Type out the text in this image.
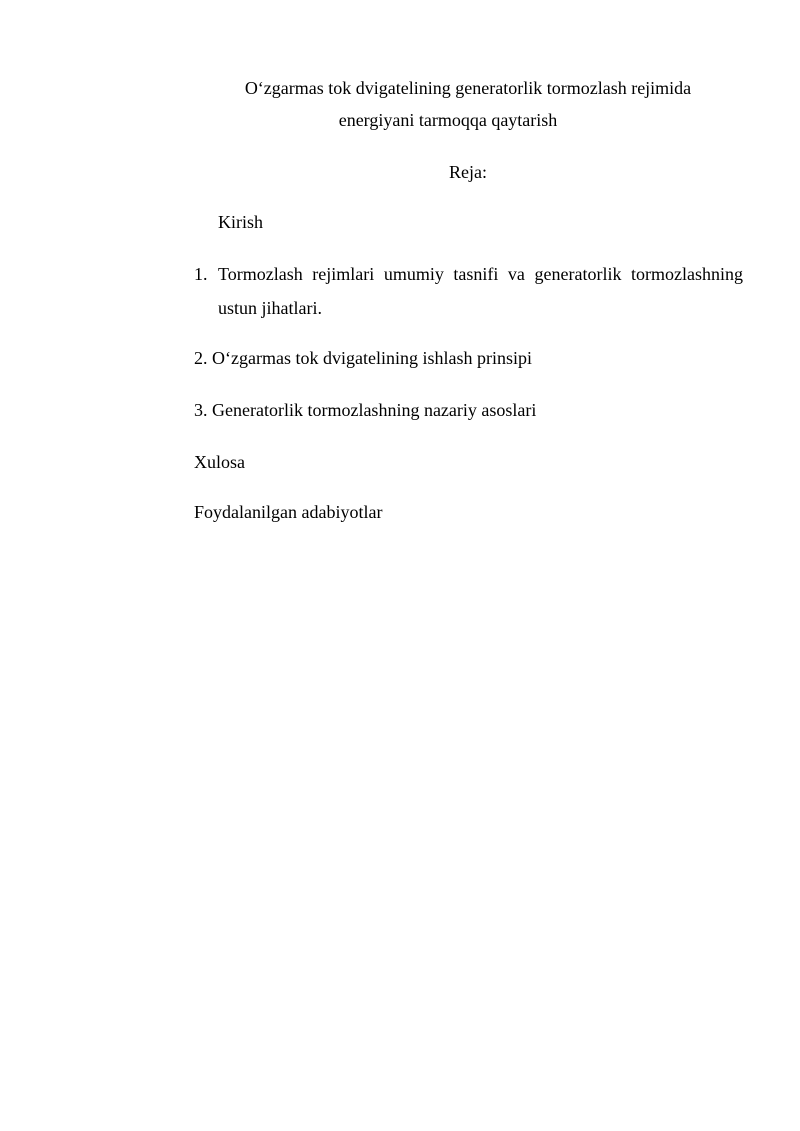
O‘zgarmas tok dvigatelining generatorlik tormozlash rejimida
energiyani tarmoqqa qaytarish
Reja:
Kirish
1. Tormozlash rejimlari umumiy tasnifi va generatorlik tormozlashning
ustun jihatlari.
2. O‘zgarmas tok dvigatelining ishlash prinsipi
3. Generatorlik tormozlashning nazariy asoslari
Xulosa
Foydalanilgan adabiyotlar
